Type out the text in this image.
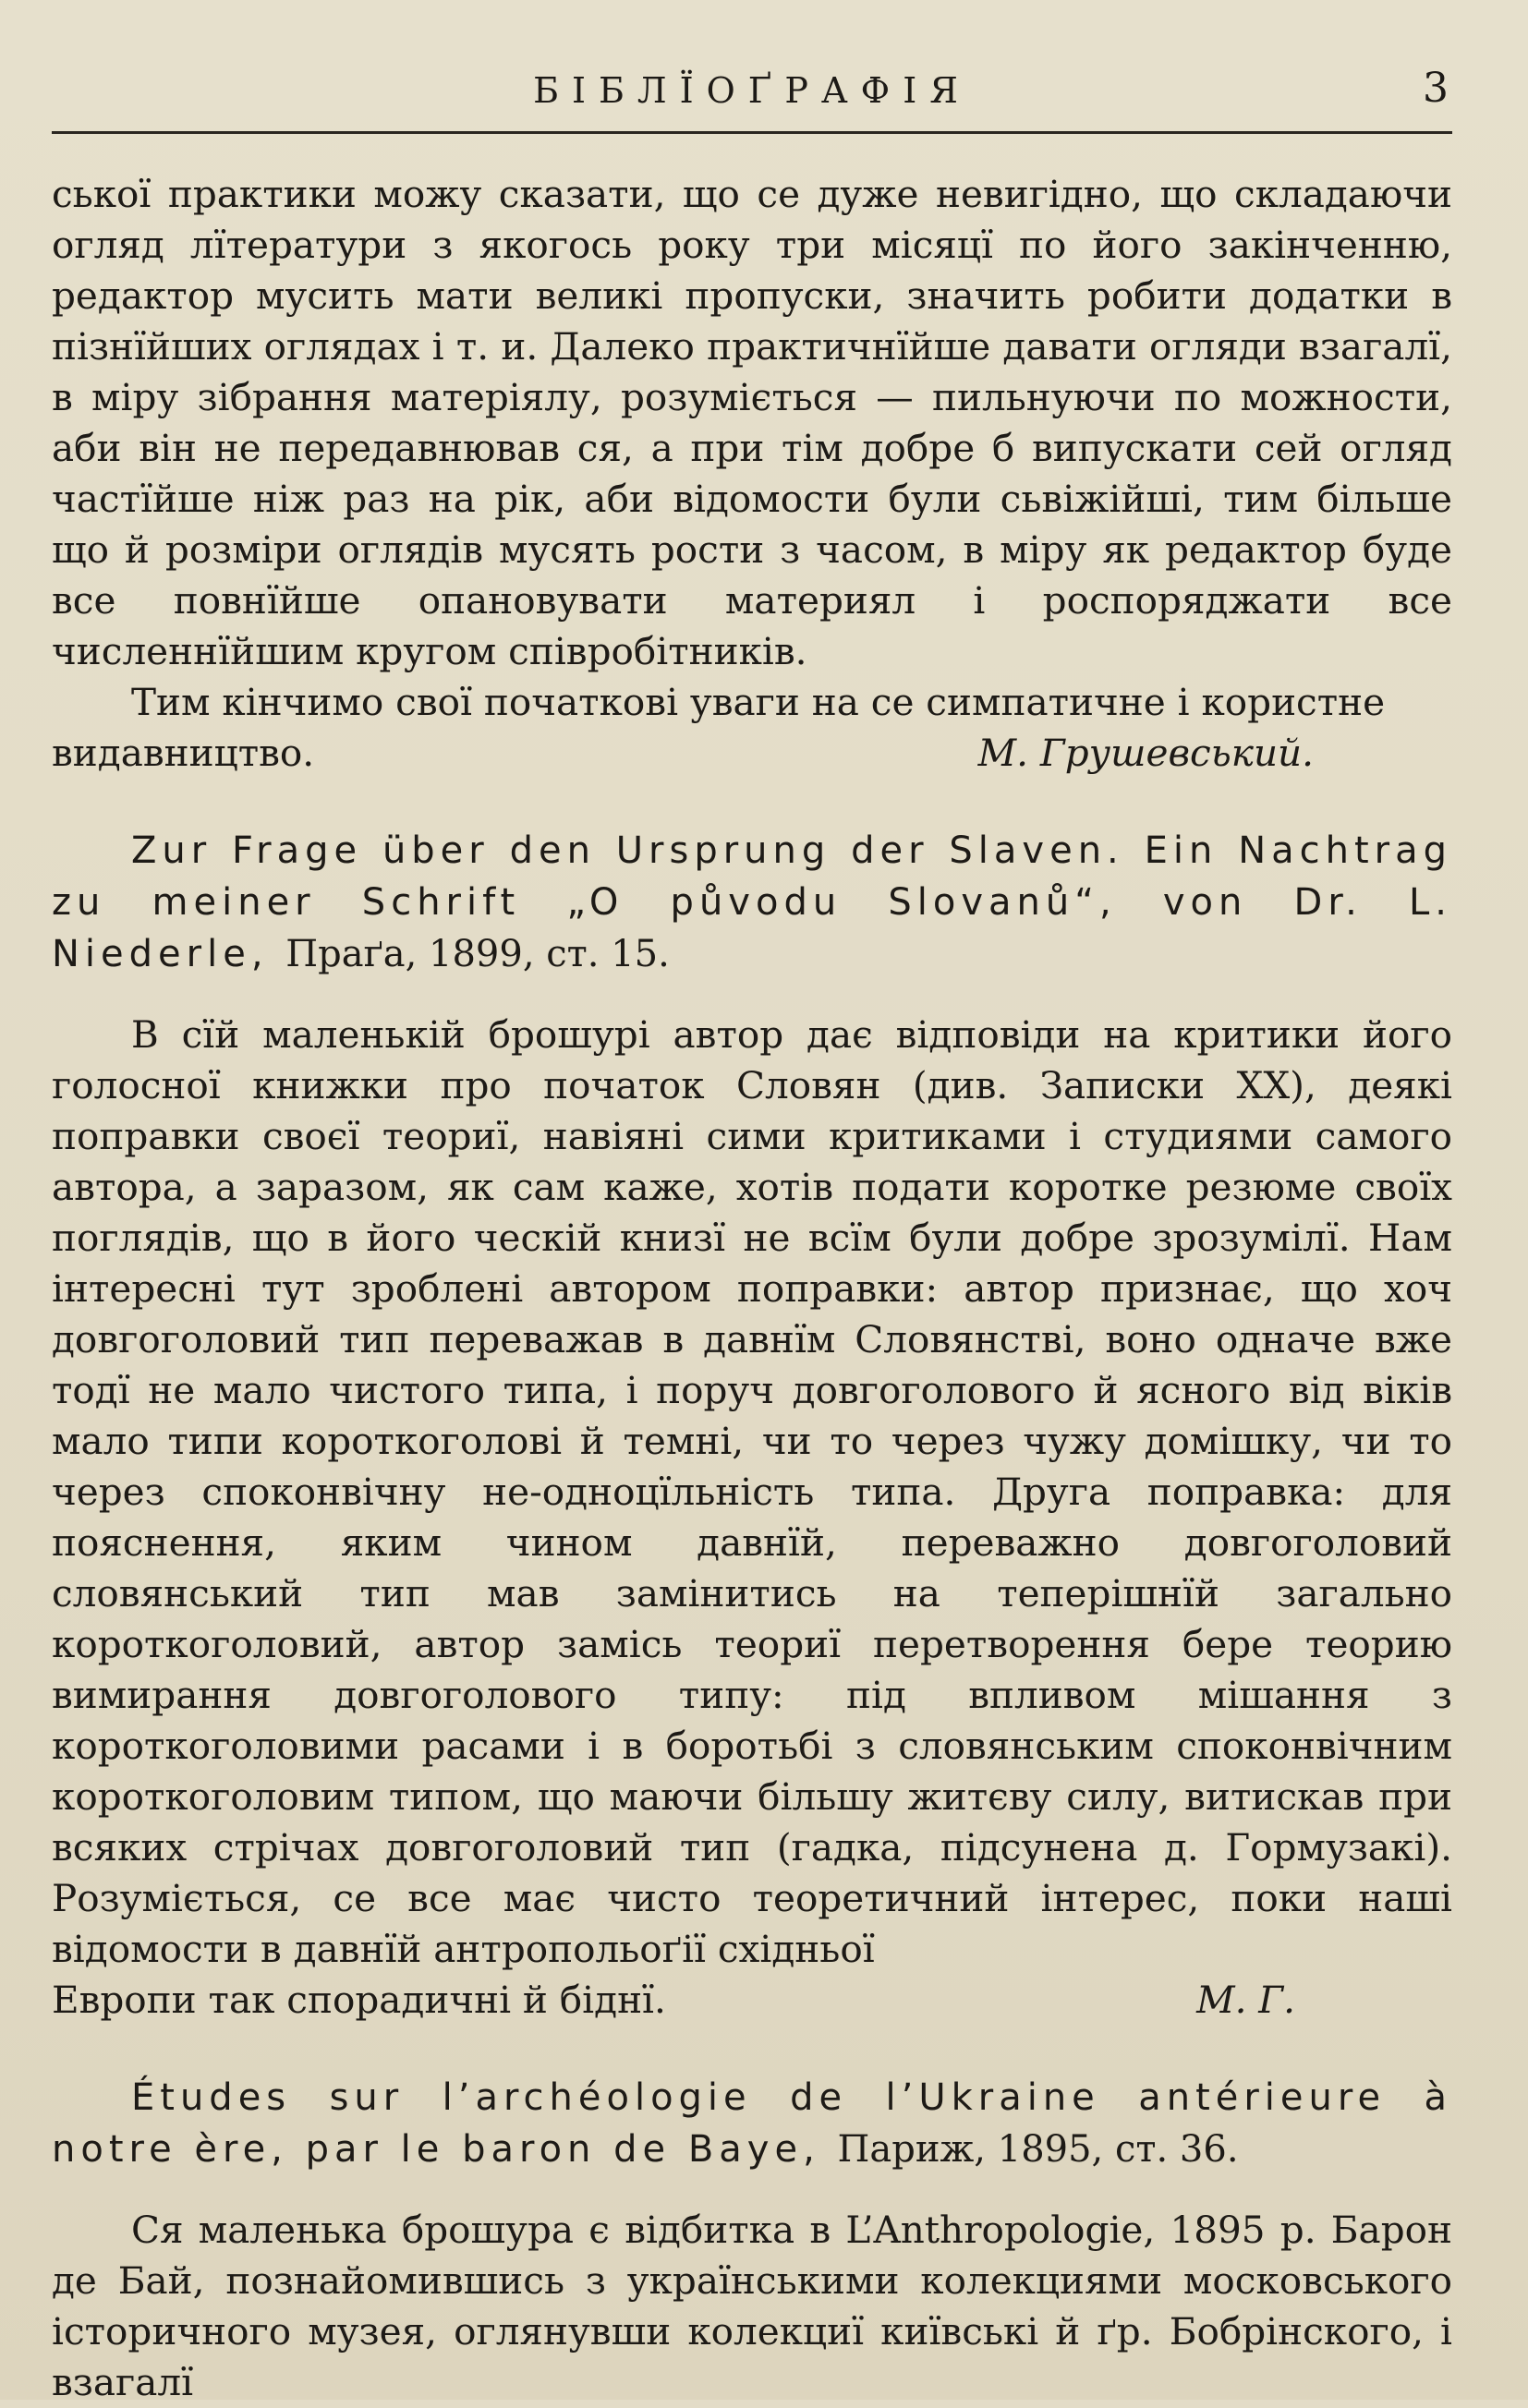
БІБЛЇОҐРАФІЯ	3

ської практики можу сказати, що се дуже невигідно, що складаючи огляд лїтератури з якогось року три місяцї по його закінченню, редактор мусить мати великі пропуски, значить робити додатки в пізнїйших оглядах і т. и. Далеко практичнїйше давати огляди взагалї, в міру зібрання матеріялу, розуміється — пильнуючи по можности, аби він не передавнював ся, а при тім добре б випускати сей огляд частїйше ніж раз на рік, аби відомости були сьвіжійші, тим більше що й розміри оглядів мусять рости з часом, в міру як редактор буде все повнїйше опановувати материял і роспоряджати все численнїйшим кругом співробітників.

Тим кінчимо свої початкові уваги на се симпатичне і користне

видавництво.	М. Грушевський.

Zur Frage über den Ursprung der Slaven. Ein Nachtrag zu meiner Schrift „O původu Slovanů“, von Dr. L. Niederle, Праґа, 1899, ст. 15.

В сїй маленькій брошурі автор дає відповіди на критики його голосної книжки про початок Словян (див. Записки XX), деякі поправки своєї теориї, навіяні сими критиками і студиями самого автора, а заразом, як сам каже, хотів подати коротке резюме своїх поглядів, що в його ческій книзї не всїм були добре зрозумілї. Нам інтересні тут зроблені автором поправки: автор признає, що хоч довгоголовий тип переважав в давнїм Словянстві, воно одначе вже тодї не мало чистого типа, і поруч довгоголового й ясного від віків мало типи короткоголові й темні, чи то через чужу домішку, чи то через споконвічну не-одноцїльність типа. Друга поправка: для пояснення, яким чином давнїй, переважно довгоголовий словянський тип мав замінитись на теперішнїй загально короткоголовий, автор замісь теориї перетворення бере теорию вимирання довгоголового типу: під впливом мішання з короткоголовими расами і в боротьбі з словянським споконвічним короткоголовим типом, що маючи більшу житєву силу, витискав при всяких стрічах довгоголовий тип (гадка, підсунена д. Гормузакі). Розуміється, се все має чисто теоретичний інтерес, поки наші відомости в давнїй антропольоґії східньої

Европи так спорадичні й біднї.	М. Г.

Études sur l’archéologie de l’Ukraine antérieure à notre ère, par le baron de Baye, Париж, 1895, ст. 36.

Ся маленька брошура є відбитка в L’Anthropologie, 1895 р. Барон де Бай, познайомившись з українськими колекциями московського історичного музея, оглянувши колекциї київські й ґр. Бобрінского, і взагалї
